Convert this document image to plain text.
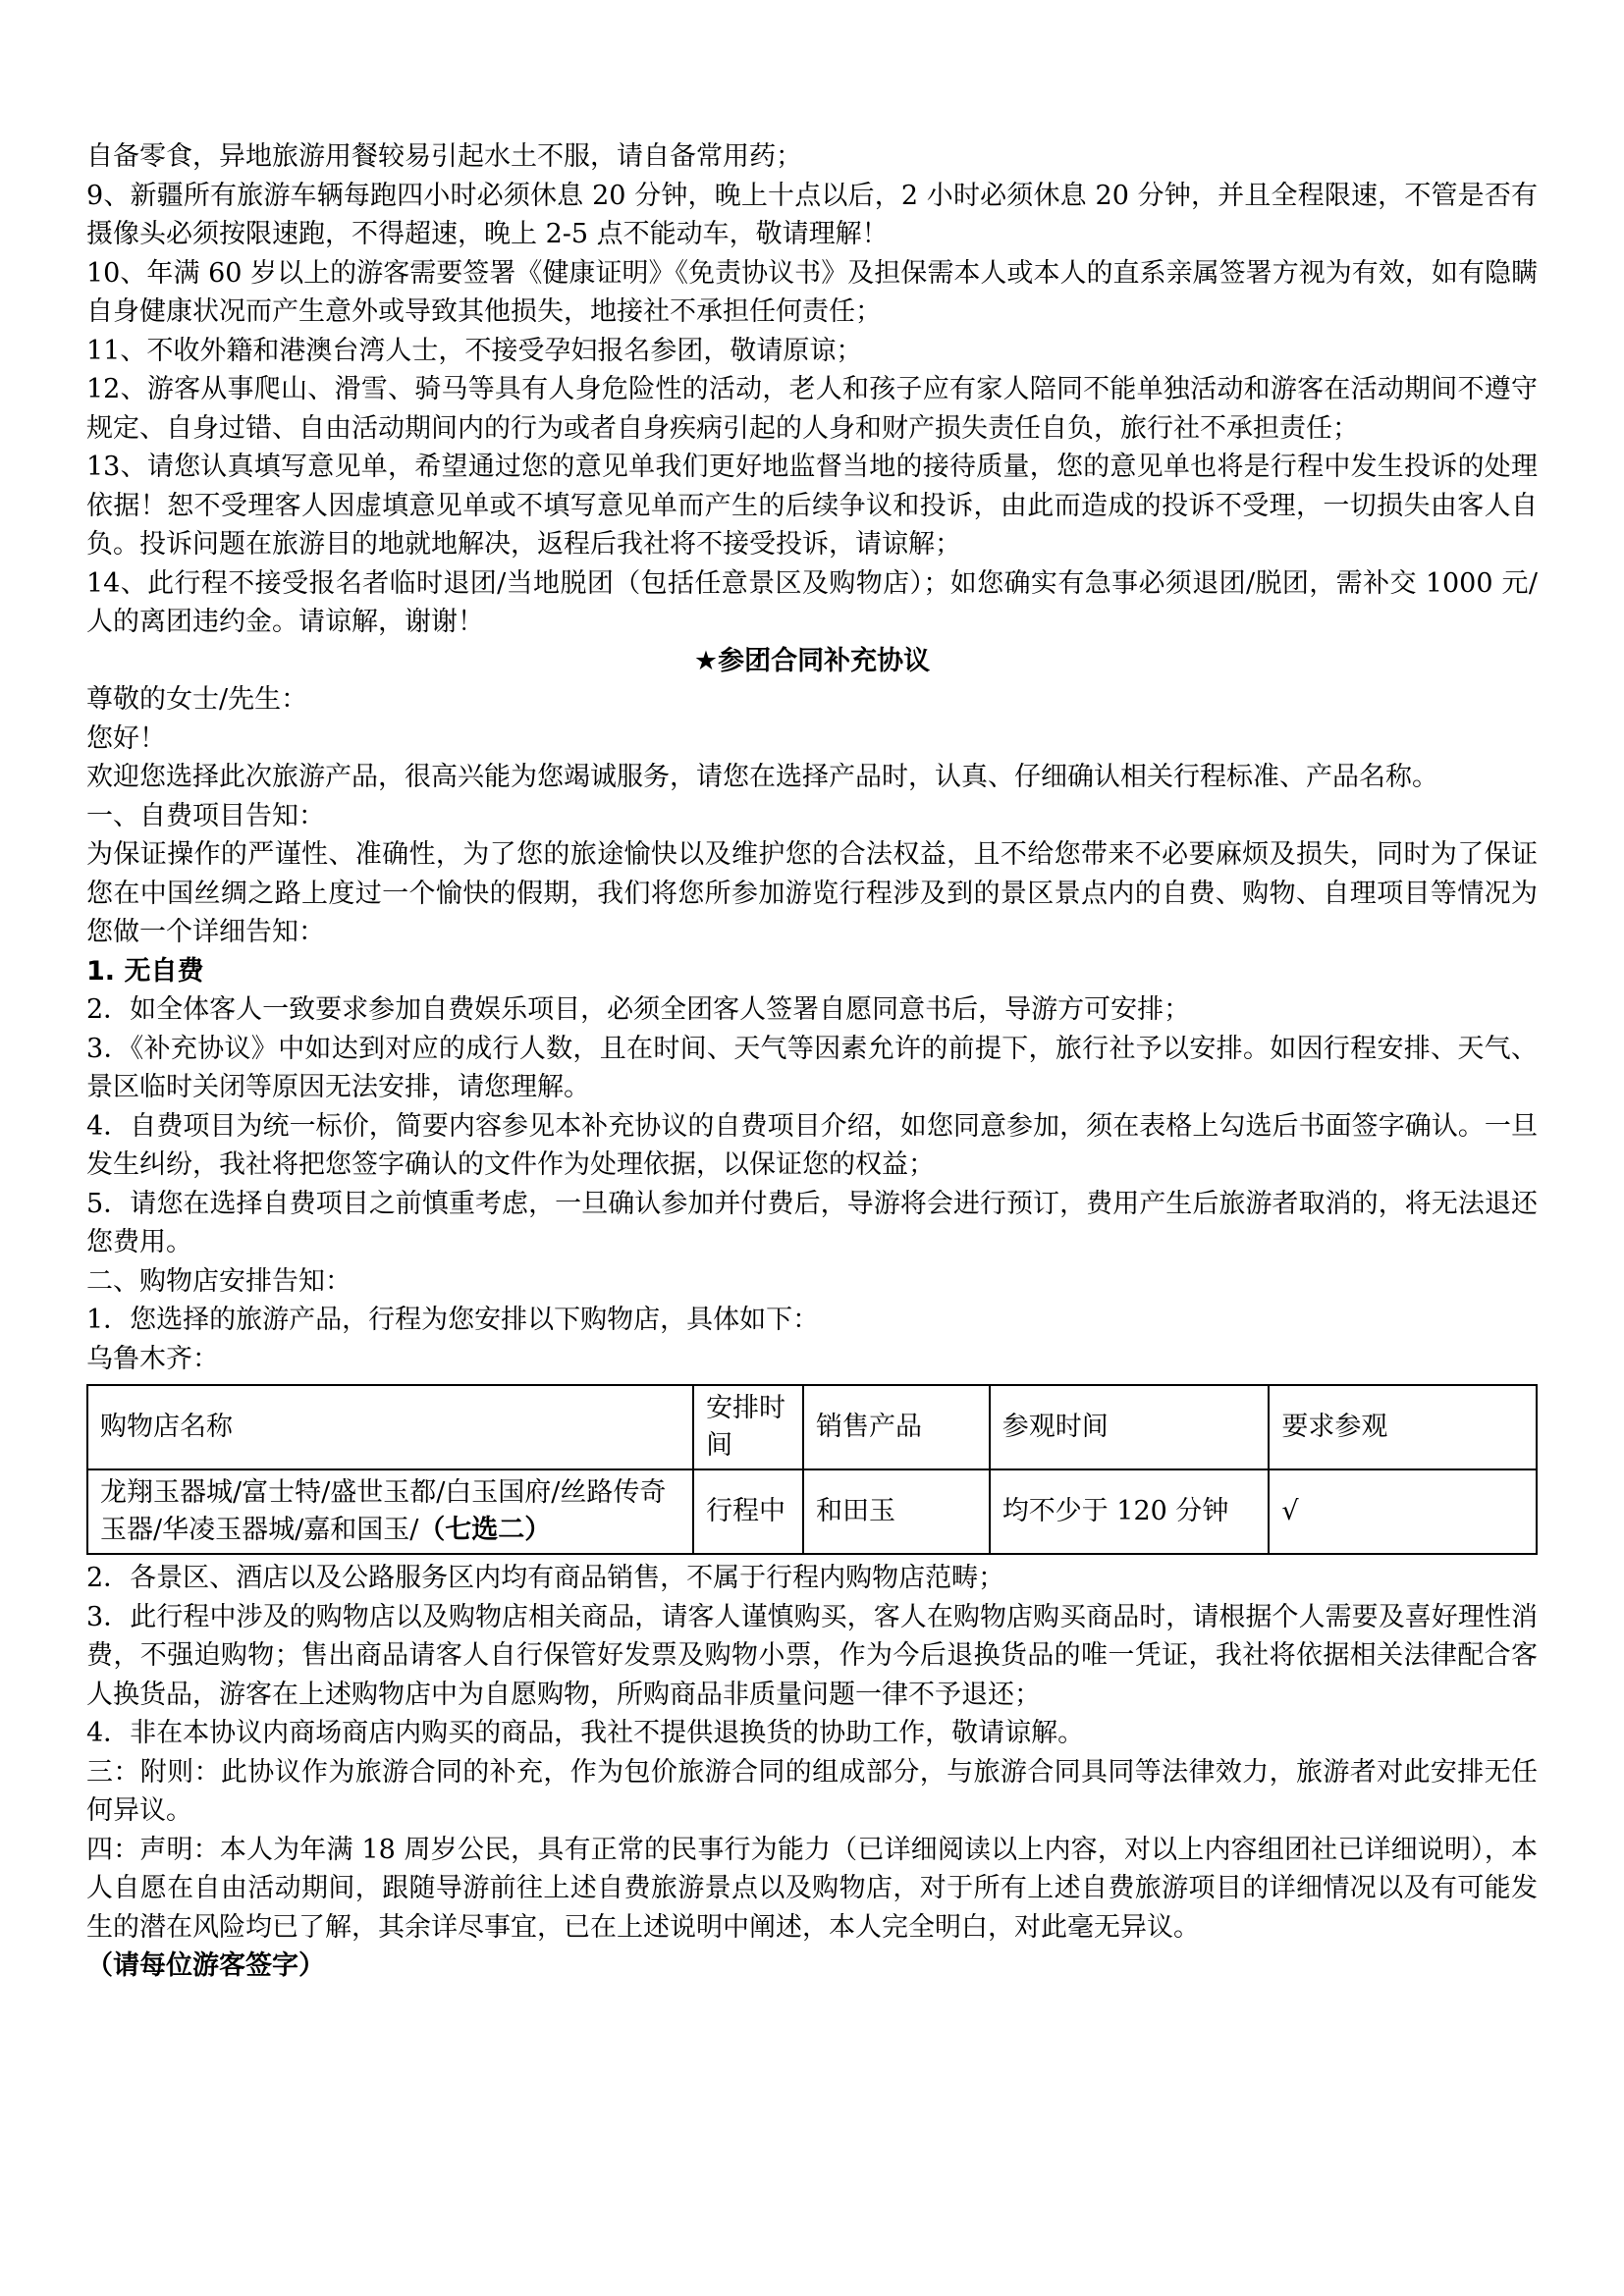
自备零食，异地旅游用餐较易引起水土不服，请自备常用药；

9、新疆所有旅游车辆每跑四小时必须休息 20 分钟，晚上十点以后，2 小时必须休息 20 分钟，并且全程限速，不管是否有摄像头必须按限速跑，不得超速，晚上 2-5 点不能动车，敬请理解！

10、年满 60 岁以上的游客需要签署《健康证明》《免责协议书》及担保需本人或本人的直系亲属签署方视为有效，如有隐瞒自身健康状况而产生意外或导致其他损失，地接社不承担任何责任；

11、不收外籍和港澳台湾人士，不接受孕妇报名参团，敬请原谅；

12、游客从事爬山、滑雪、骑马等具有人身危险性的活动，老人和孩子应有家人陪同不能单独活动和游客在活动期间不遵守规定、自身过错、自由活动期间内的行为或者自身疾病引起的人身和财产损失责任自负，旅行社不承担责任；

13、请您认真填写意见单，希望通过您的意见单我们更好地监督当地的接待质量，您的意见单也将是行程中发生投诉的处理依据！恕不受理客人因虚填意见单或不填写意见单而产生的后续争议和投诉，由此而造成的投诉不受理，一切损失由客人自负。投诉问题在旅游目的地就地解决，返程后我社将不接受投诉，请谅解；

14、此行程不接受报名者临时退团/当地脱团（包括任意景区及购物店）；如您确实有急事必须退团/脱团，需补交 1000 元/人的离团违约金。请谅解，谢谢！

★参团合同补充协议

尊敬的女士/先生：

您好！

欢迎您选择此次旅游产品，很高兴能为您竭诚服务，请您在选择产品时，认真、仔细确认相关行程标准、产品名称。

一、自费项目告知：

为保证操作的严谨性、准确性，为了您的旅途愉快以及维护您的合法权益，且不给您带来不必要麻烦及损失，同时为了保证您在中国丝绸之路上度过一个愉快的假期，我们将您所参加游览行程涉及到的景区景点内的自费、购物、自理项目等情况为您做一个详细告知：

1. 无自费

2．如全体客人一致要求参加自费娱乐项目，必须全团客人签署自愿同意书后，导游方可安排；

3．《补充协议》中如达到对应的成行人数，且在时间、天气等因素允许的前提下，旅行社予以安排。如因行程安排、天气、景区临时关闭等原因无法安排，请您理解。

4．自费项目为统一标价，简要内容参见本补充协议的自费项目介绍，如您同意参加，须在表格上勾选后书面签字确认。一旦发生纠纷，我社将把您签字确认的文件作为处理依据，以保证您的权益；

5．请您在选择自费项目之前慎重考虑，一旦确认参加并付费后，导游将会进行预订，费用产生后旅游者取消的，将无法退还您费用。

二、购物店安排告知：

1．您选择的旅游产品，行程为您安排以下购物店，具体如下：

乌鲁木齐：

购物店名称	安排时间	销售产品	参观时间	要求参观
龙翔玉器城/富士特/盛世玉都/白玉国府/丝路传奇玉器/华凌玉器城/嘉和国玉/（七选二）	行程中	和田玉	均不少于 120 分钟	√

2．各景区、酒店以及公路服务区内均有商品销售，不属于行程内购物店范畴；

3．此行程中涉及的购物店以及购物店相关商品，请客人谨慎购买，客人在购物店购买商品时，请根据个人需要及喜好理性消费，不强迫购物；售出商品请客人自行保管好发票及购物小票，作为今后退换货品的唯一凭证，我社将依据相关法律配合客人换货品，游客在上述购物店中为自愿购物，所购商品非质量问题一律不予退还；

4．非在本协议内商场商店内购买的商品，我社不提供退换货的协助工作，敬请谅解。

三：附则：此协议作为旅游合同的补充，作为包价旅游合同的组成部分，与旅游合同具同等法律效力，旅游者对此安排无任何异议。

四：声明：本人为年满 18 周岁公民，具有正常的民事行为能力（已详细阅读以上内容，对以上内容组团社已详细说明），本人自愿在自由活动期间，跟随导游前往上述自费旅游景点以及购物店，对于所有上述自费旅游项目的详细情况以及有可能发生的潜在风险均已了解，其余详尽事宜，已在上述说明中阐述，本人完全明白，对此毫无异议。

（请每位游客签字）
